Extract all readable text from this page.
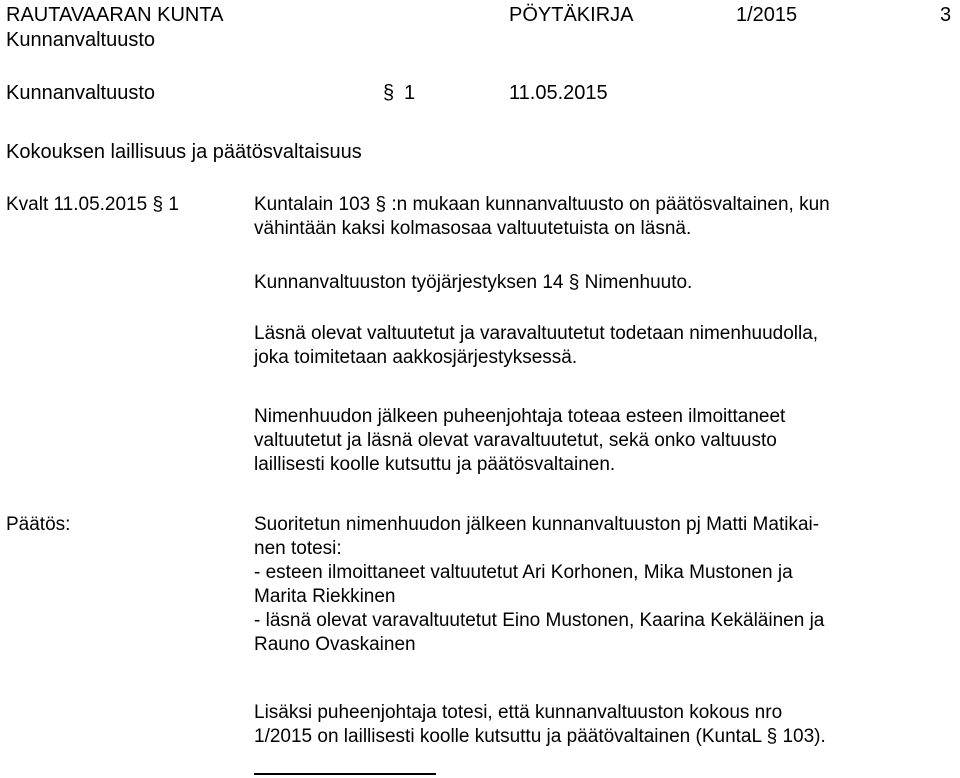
RAUTAVAARAN KUNTA	PÖYTÄKIRJA	1/2015	3
Kunnanvaltuusto
Kunnanvaltuusto	§ 1	11.05.2015
Kokouksen laillisuus ja päätösvaltaisuus
Kvalt 11.05.2015 § 1	Kuntalain 103 § :n mukaan kunnanvaltuusto on päätösvaltainen, kun

vähintään kaksi kolmasosaa valtuutetuista on läsnä.

Kunnanvaltuuston työjärjestyksen 14 § Nimenhuuto.

Läsnä olevat valtuutetut ja varavaltuutetut todetaan nimenhuudolla,

joka toimitetaan aakkosjärjestyksessä.

Nimenhuudon jälkeen puheenjohtaja toteaa esteen ilmoittaneet

valtuutetut ja läsnä olevat varavaltuutetut, sekä onko valtuusto

laillisesti koolle kutsuttu ja päätösvaltainen.

Päätös:	Suoritetun nimenhuudon jälkeen kunnanvaltuuston pj Matti Matikai-

nen totesi:

- esteen ilmoittaneet valtuutetut Ari Korhonen, Mika Mustonen ja

Marita Riekkinen

- läsnä olevat varavaltuutetut Eino Mustonen, Kaarina Kekäläinen ja

Rauno Ovaskainen

Lisäksi puheenjohtaja totesi, että kunnanvaltuuston kokous nro

1/2015 on laillisesti koolle kutsuttu ja päätövaltainen (KuntaL § 103).
